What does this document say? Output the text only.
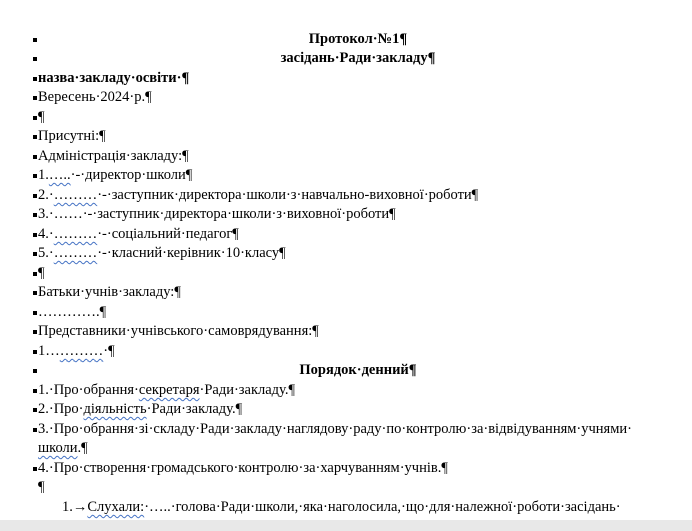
Протокол·№1¶
засідань·Ради·закладу¶
назва·закладу·освіти·¶
Вересень·2024·р.¶
¶
Присутні:¶
Адміністрація·закладу:¶
1.…..·-·директор·школи¶
2.·………·-·заступник·директора·школи·з·навчально-виховної·роботи¶
3.·……·-·заступник·директора·школи·з·виховної·роботи¶
4.·………·-·соціальний·педагог¶
5.·………·-·класний·керівник·10·класу¶
¶
Батьки·учнів·закладу:¶
………….¶
Представники·учнівського·самоврядування:¶
1…………·¶
Порядок·денний¶
1.·Про·обрання·секретаря·Ради·закладу.¶
2.·Про·діяльність·Ради·закладу.¶
3.·Про·обрання·зі·складу·Ради·закладу·наглядову·раду·по·контролю·за·відвідуванням·учнями·
школи.¶
4.·Про·створення·громадського·контролю·за·харчуванням·учнів.¶
¶
1.→Слухали:·…..·голова·Ради·школи,·яка·наголосила,·що·для·належної·роботи·засідань·
